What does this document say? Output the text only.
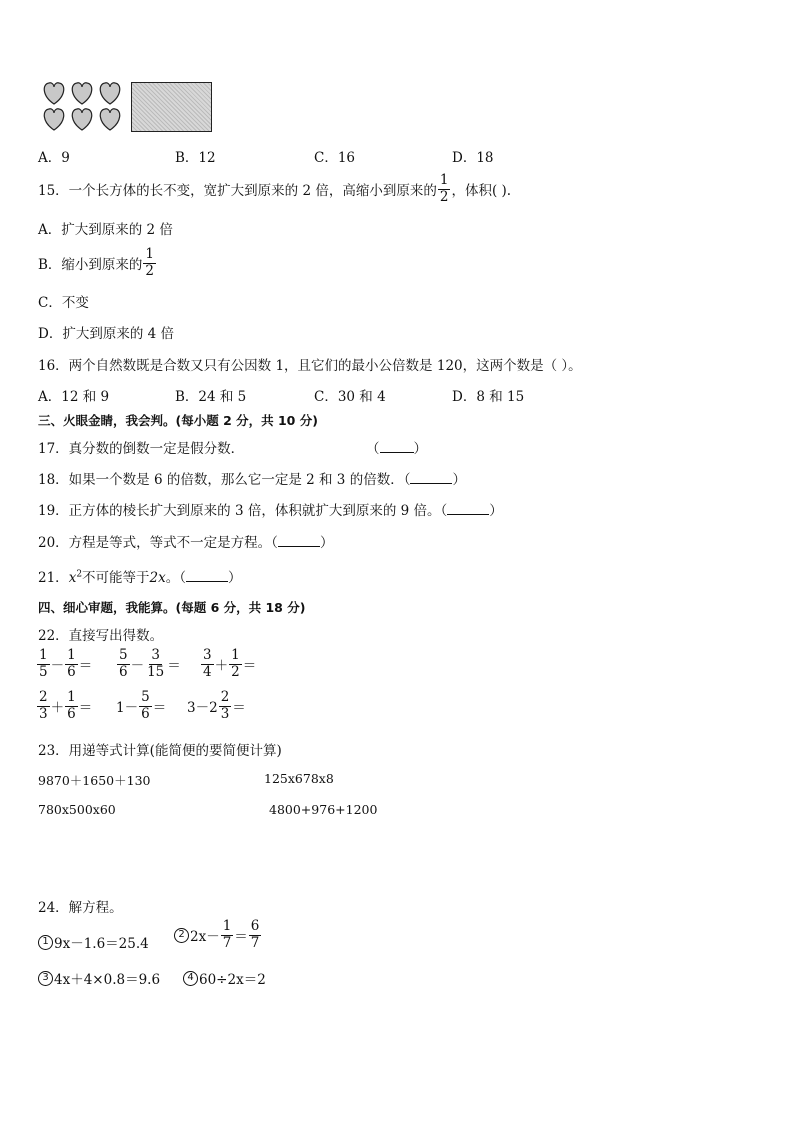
A．9	B．12	C．16	D．18
15．一个长方体的长不变，宽扩大到原来的 2 倍，高缩小到原来的 $\frac{1}{2}$ ，体积( ).
A．扩大到原来的 2 倍
B．缩小到原来的 $\frac{1}{2}$
C．不变
D．扩大到原来的 4 倍
16．两个自然数既是合数又只有公因数 1，且它们的最小公倍数是 120，这两个数是（ ）。
A．12 和 9	B．24 和 5	C．30 和 4	D．8 和 15
三、火眼金睛，我会判。(每小题 2 分，共 10 分)
17．真分数的倒数一定是假分数．	（	）
18．如果一个数是 6 的倍数，那么它一定是 2 和 3 的倍数．（	）
19．正方体的棱长扩大到原来的 3 倍，体积就扩大到原来的 9 倍。（	）
20．方程是等式，等式不一定是方程。（	）
21．$x^2$不可能等于2x。（	）
四、细心审题，我能算。(每题 6 分，共 18 分)
22．直接写出得数。
$\frac{1}{5} - \frac{1}{6} = \frac{5}{6} - \frac{3}{15} = \frac{3}{4} + \frac{1}{2}$ ＝
$\frac{2}{3} + \frac{1}{6} = 1- \frac{5}{6} = 3-2 \frac{2}{3}$ ＝
23．用递等式计算(能简便的要简便计算)
9870＋1650＋130	125x678x8
780x500x60	4800+976+1200
24．解方程。
1 9x－1.6＝25.4
2 $2x- \frac{1}{7} = \frac{6}{7}$
3 4x＋4×0.8＝9.6	4 60÷2x＝2
